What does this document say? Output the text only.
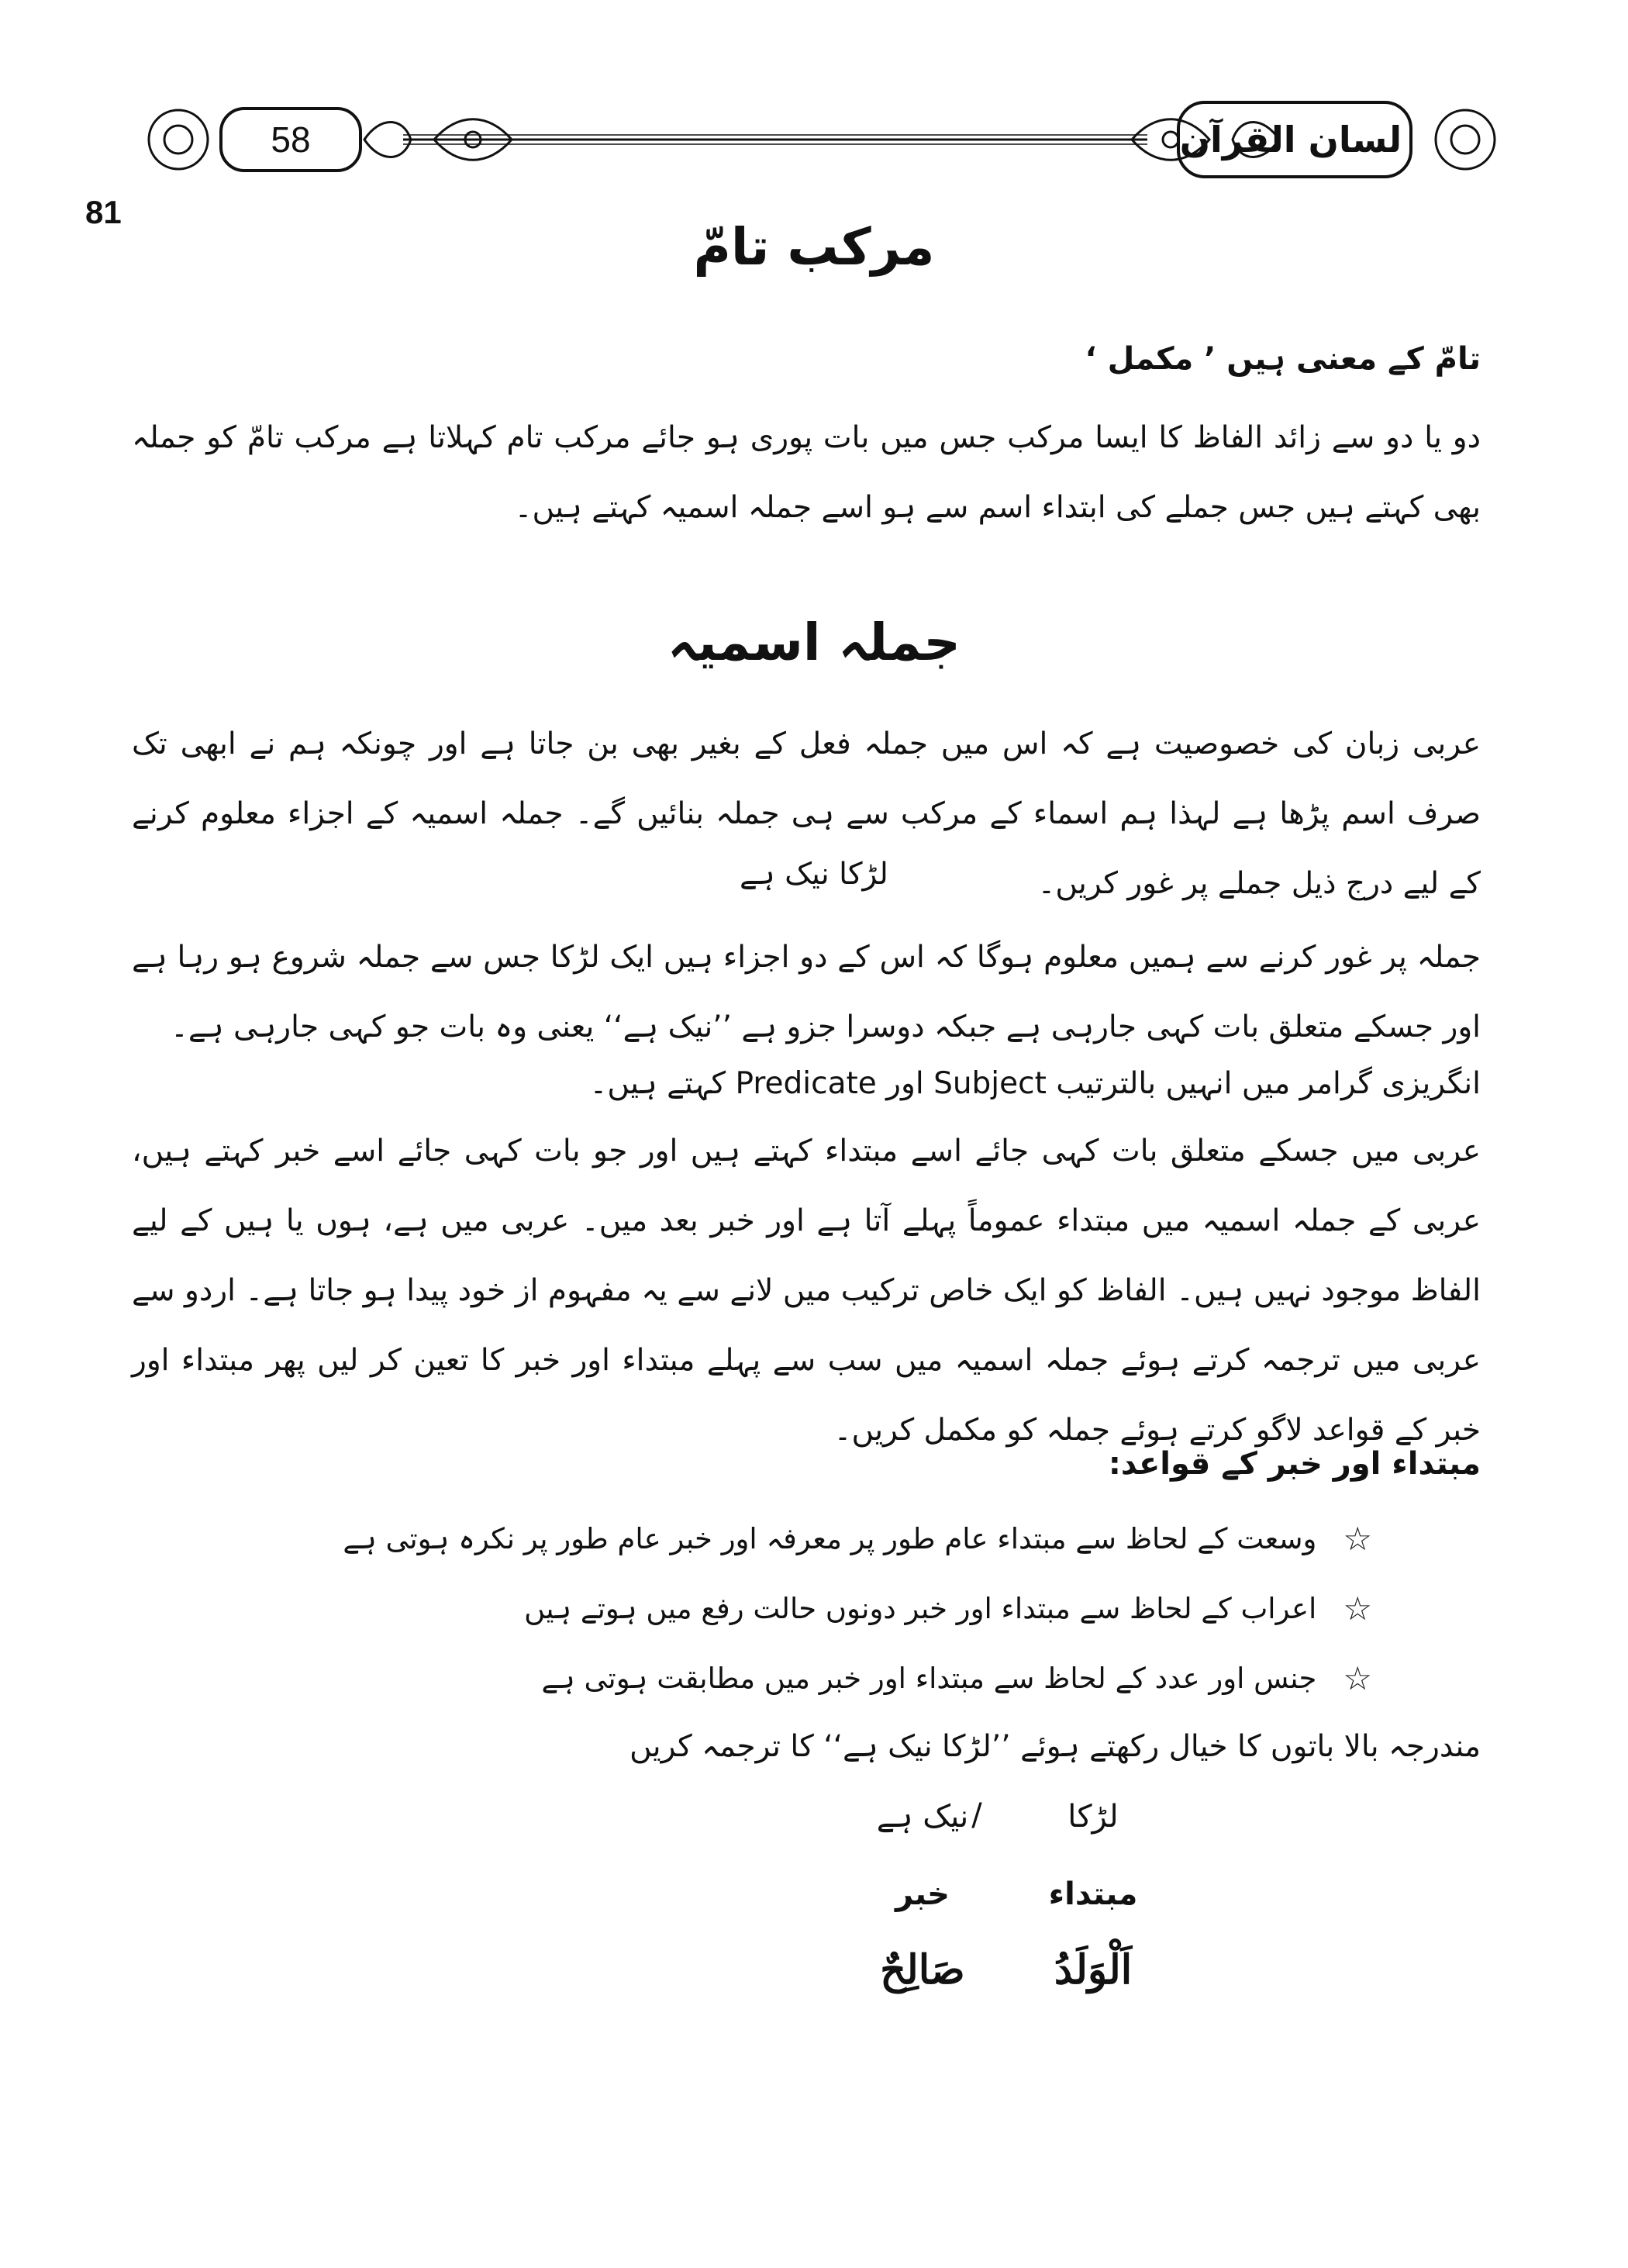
58	لسان القرآن
81
مرکب تامّ
تامّ کے معنی ہیں ’ مکمل ‘
دو یا دو سے زائد الفاظ کا ایسا مرکب جس میں بات پوری ہو جائے مرکب تام کہلاتا ہے مرکب تامّ کو جملہ بھی کہتے ہیں جس جملے کی ابتداء اسم سے ہو اسے جملہ اسمیہ کہتے ہیں۔
جملہ اسمیہ
عربی زبان کی خصوصیت ہے کہ اس میں جملہ فعل کے بغیر بھی بن جاتا ہے اور چونکہ ہم نے ابھی تک صرف اسم پڑھا ہے لہذا ہم اسماء کے مرکب سے ہی جملہ بنائیں گے۔ جملہ اسمیہ کے اجزاء معلوم کرنے کے لیے درج ذیل جملے پر غور کریں۔
لڑکا نیک ہے
جملہ پر غور کرنے سے ہمیں معلوم ہوگا کہ اس کے دو اجزاء ہیں ایک لڑکا جس سے جملہ شروع ہو رہا ہے اور جسکے متعلق بات کہی جارہی ہے جبکہ دوسرا جزو ہے ’’نیک ہے‘‘ یعنی وہ بات جو کہی جارہی ہے۔
انگریزی گرامر میں انہیں بالترتیب Subject اور Predicate کہتے ہیں۔
عربی میں جسکے متعلق بات کہی جائے اسے مبتداء کہتے ہیں اور جو بات کہی جائے اسے خبر کہتے ہیں، عربی کے جملہ اسمیہ میں مبتداء عموماً پہلے آتا ہے اور خبر بعد میں۔ عربی میں ہے، ہوں یا ہیں کے لیے الفاظ موجود نہیں ہیں۔ الفاظ کو ایک خاص ترکیب میں لانے سے یہ مفہوم از خود پیدا ہو جاتا ہے۔ اردو سے عربی میں ترجمہ کرتے ہوئے جملہ اسمیہ میں سب سے پہلے مبتداء اور خبر کا تعین کر لیں پھر مبتداء اور خبر کے قواعد لاگو کرتے ہوئے جملہ کو مکمل کریں۔
مبتداء اور خبر کے قواعد:
☆
وسعت کے لحاظ سے مبتداء عام طور پر معرفہ اور خبر عام طور پر نکرہ ہوتی ہے
☆
اعراب کے لحاظ سے مبتداء اور خبر دونوں حالت رفع میں ہوتے ہیں
☆
جنس اور عدد کے لحاظ سے مبتداء اور خبر میں مطابقت ہوتی ہے
مندرجہ بالا باتوں کا خیال رکھتے ہوئے ’’لڑکا نیک ہے‘‘ کا ترجمہ کریں
لڑکا
/
نیک ہے
مبتداء
خبر
اَلْوَلَدُ
صَالِحٌ
